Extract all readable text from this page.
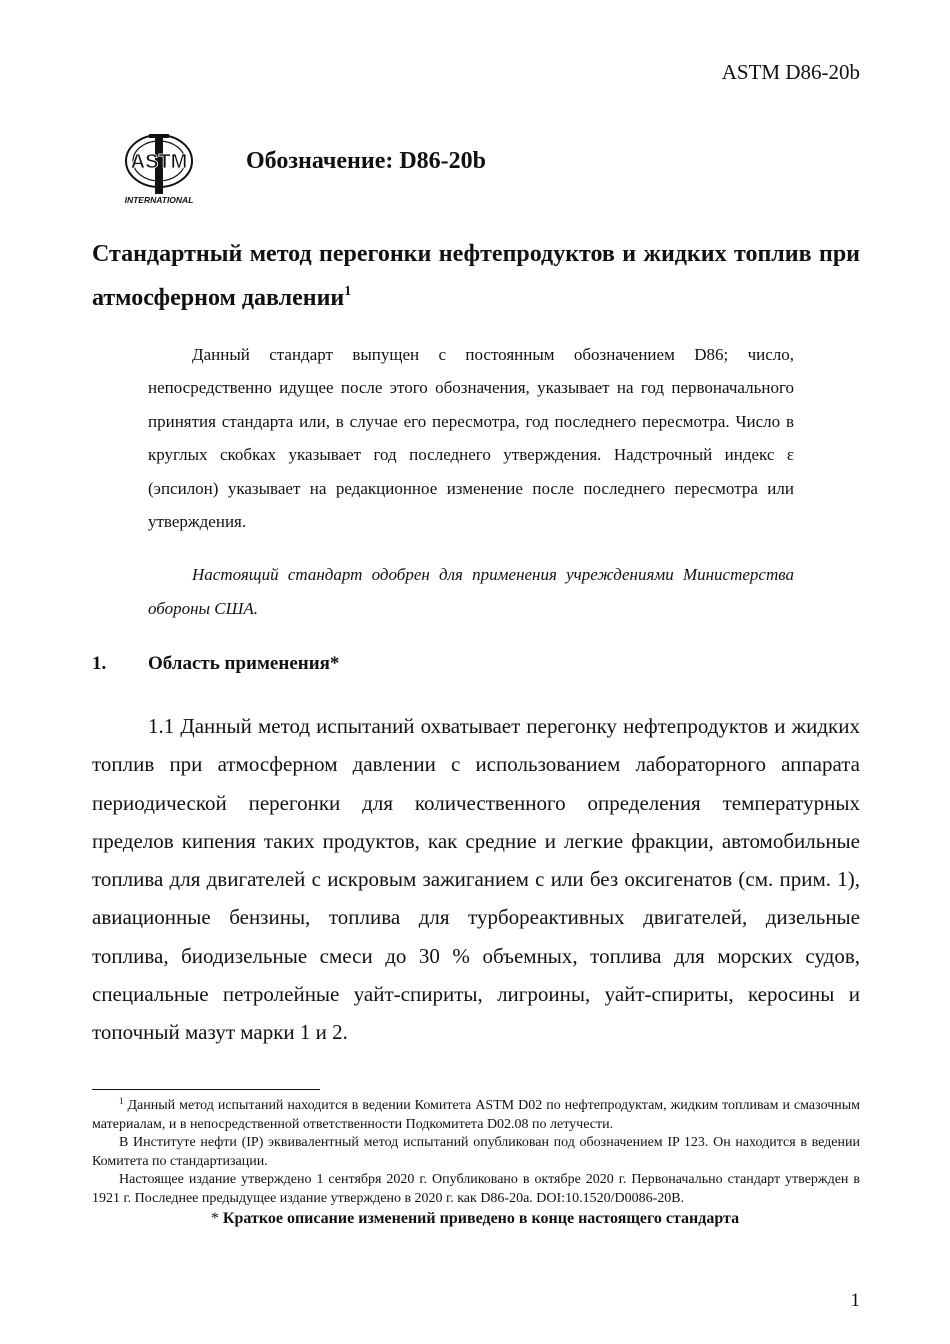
ASTM D86-20b
ASTM
INTERNATIONAL
Обозначение: D86-20b
Стандартный метод перегонки нефтепродуктов и жидких топлив при атмосферном давлении$^1$

Данный стандарт выпущен с постоянным обозначением D86; число, непосредственно идущее после этого обозначения, указывает на год первоначального принятия стандарта или, в случае его пересмотра, год последнего пересмотра. Число в круглых скобках указывает год последнего утверждения. Надстрочный индекс ε (эпсилон) указывает на редакционное изменение после последнего пересмотра или утверждения.

Настоящий стандарт одобрен для применения учреждениями Министерства обороны США.

1. Область применения*

1.1 Данный метод испытаний охватывает перегонку нефтепродуктов и жидких топлив при атмосферном давлении с использованием лабораторного аппарата периодической перегонки для количественного определения температурных пределов кипения таких продуктов, как средние и легкие фракции, автомобильные топлива для двигателей с искровым зажиганием с или без оксигенатов (см. прим. 1), авиационные бензины, топлива для турбореактивных двигателей, дизельные топлива, биодизельные смеси до 30 % объемных, топлива для морских судов, специальные петролейные уайт-спириты, лигроины, уайт-спириты, керосины и топочный мазут марки 1 и 2.

$^1$ Данный метод испытаний находится в ведении Комитета ASTM D02 по нефтепродуктам, жидким топливам и смазочным материалам, и в непосредственной ответственности Подкомитета D02.08 по летучести.

В Институте нефти (IP) эквивалентный метод испытаний опубликован под обозначением IP 123. Он находится в ведении Комитета по стандартизации.

Настоящее издание утверждено 1 сентября 2020 г. Опубликовано в октябре 2020 г. Первоначально стандарт утвержден в 1921 г. Последнее предыдущее издание утверждено в 2020 г. как D86-20a. DOI:10.1520/D0086-20B.

* Краткое описание изменений приведено в конце настоящего стандарта
1
